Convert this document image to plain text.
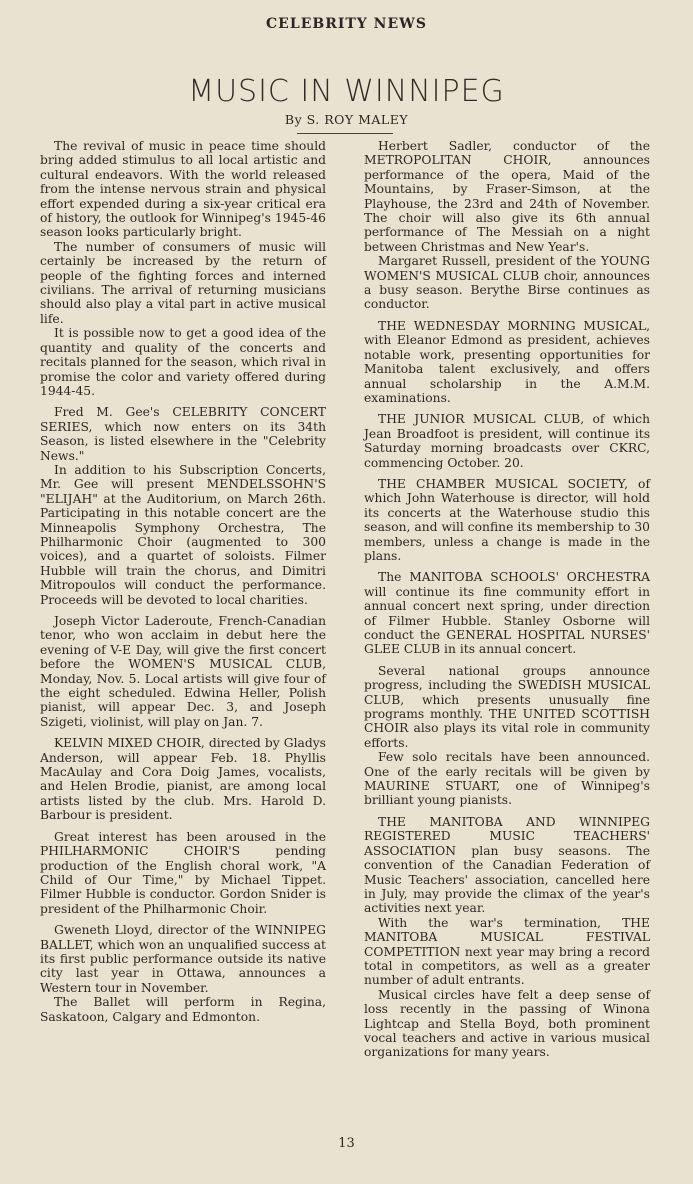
CELEBRITY NEWS
MUSIC IN WINNIPEG
By S. ROY MALEY

The revival of music in peace time should bring added stimulus to all local artistic and cultural endeavors. With the world released from the intense nervous strain and physical effort expended during a six-year critical era of history, the outlook for Winnipeg's 1945-46 season looks particularly bright.

The number of consumers of music will certainly be increased by the return of people of the fighting forces and interned civilians. The arrival of returning musicians should also play a vital part in active musical life.

It is possible now to get a good idea of the quantity and quality of the concerts and recitals planned for the season, which rival in promise the color and variety offered during 1944-45.

Fred M. Gee's CELEBRITY CONCERT SERIES, which now enters on its 34th Season, is listed elsewhere in the "Celebrity News."

In addition to his Subscription Concerts, Mr. Gee will present MENDELSSOHN'S "ELIJAH" at the Auditorium, on March 26th. Participating in this notable concert are the Minneapolis Symphony Orchestra, The Philharmonic Choir (augmented to 300 voices), and a quartet of soloists. Filmer Hubble will train the chorus, and Dimitri Mitropoulos will conduct the performance. Proceeds will be devoted to local charities.

Joseph Victor Laderoute, French-Canadian tenor, who won acclaim in debut here the evening of V-E Day, will give the first concert before the WOMEN'S MUSICAL CLUB, Monday, Nov. 5. Local artists will give four of the eight scheduled. Edwina Heller, Polish pianist, will appear Dec. 3, and Joseph Szigeti, violinist, will play on Jan. 7.

KELVIN MIXED CHOIR, directed by Gladys Anderson, will appear Feb. 18. Phyllis MacAulay and Cora Doig James, vocalists, and Helen Brodie, pianist, are among local artists listed by the club. Mrs. Harold D. Barbour is president.

Great interest has been aroused in the PHILHARMONIC CHOIR'S pending production of the English choral work, "A Child of Our Time," by Michael Tippet. Filmer Hubble is conductor. Gordon Snider is president of the Philharmonic Choir.

Gweneth Lloyd, director of the WINNIPEG BALLET, which won an unqualified success at its first public performance outside its native city last year in Ottawa, announces a Western tour in November.

The Ballet will perform in Regina, Saskatoon, Calgary and Edmonton.

Herbert Sadler, conductor of the METROPOLITAN CHOIR, announces performance of the opera, Maid of the Mountains, by Fraser-Simson, at the Playhouse, the 23rd and 24th of November. The choir will also give its 6th annual performance of The Messiah on a night between Christmas and New Year's.

Margaret Russell, president of the YOUNG WOMEN'S MUSICAL CLUB choir, announces a busy season. Berythe Birse continues as conductor.

THE WEDNESDAY MORNING MUSICAL, with Eleanor Edmond as president, achieves notable work, presenting opportunities for Manitoba talent exclusively, and offers annual scholarship in the A.M.M. examinations.

THE JUNIOR MUSICAL CLUB, of which Jean Broadfoot is president, will continue its Saturday morning broadcasts over CKRC, commencing October. 20.

THE CHAMBER MUSICAL SOCIETY, of which John Waterhouse is director, will hold its concerts at the Waterhouse studio this season, and will confine its membership to 30 members, unless a change is made in the plans.

The MANITOBA SCHOOLS' ORCHESTRA will continue its fine community effort in annual concert next spring, under direction of Filmer Hubble. Stanley Osborne will conduct the GENERAL HOSPITAL NURSES' GLEE CLUB in its annual concert.

Several national groups announce progress, including the SWEDISH MUSICAL CLUB, which presents unusually fine programs monthly. THE UNITED SCOTTISH CHOIR also plays its vital role in community efforts.

Few solo recitals have been announced. One of the early recitals will be given by MAURINE STUART, one of Winnipeg's brilliant young pianists.

THE MANITOBA AND WINNIPEG REGISTERED MUSIC TEACHERS' ASSOCIATION plan busy seasons. The convention of the Canadian Federation of Music Teachers' association, cancelled here in July, may provide the climax of the year's activities next year.

With the war's termination, THE MANITOBA MUSICAL FESTIVAL COMPETITION next year may bring a record total in competitors, as well as a greater number of adult entrants.

Musical circles have felt a deep sense of loss recently in the passing of Winona Lightcap and Stella Boyd, both prominent vocal teachers and active in various musical organizations for many years.

13
